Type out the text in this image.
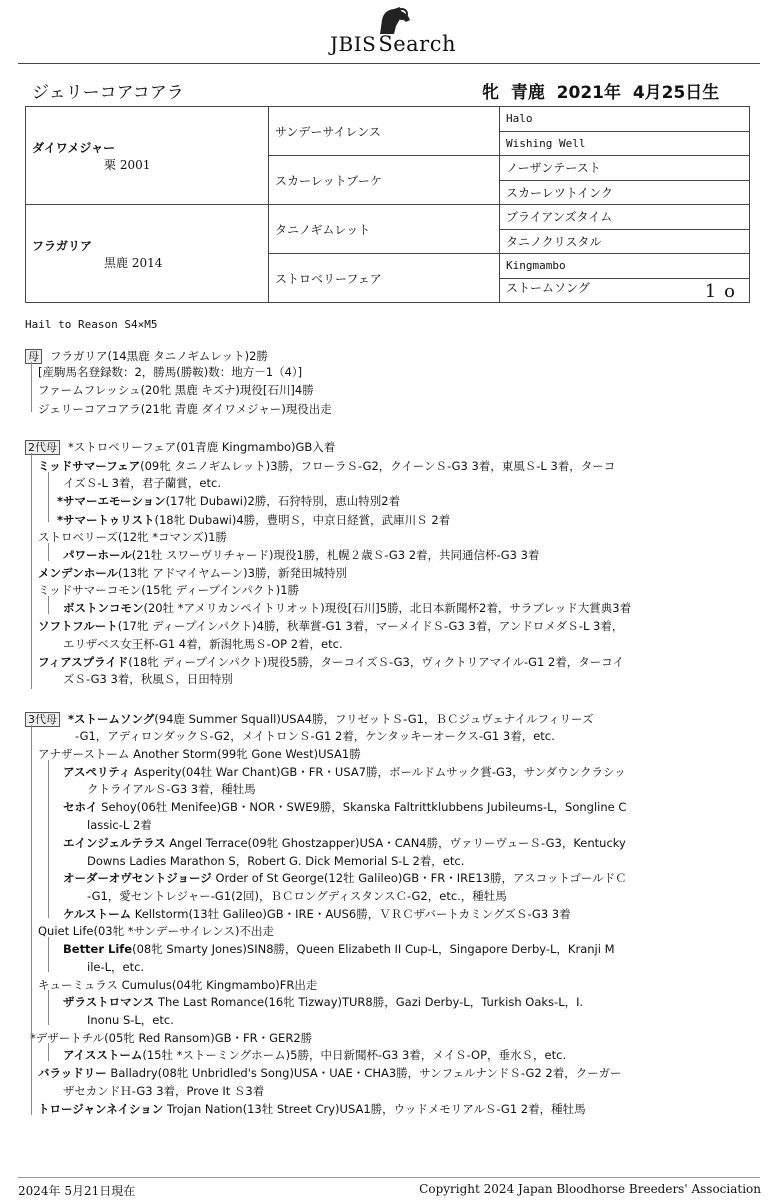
JBISSearch
ジェリーコアコアラ	牝  青鹿  2021年  4月25日生
ダイワメジャー
栗 2001	サンデーサイレンス	Halo
		Wishing Well
	スカーレットブーケ	ノーザンテースト
		スカーレツトインク

フラガリア
黒鹿 2014	タニノギムレット	ブライアンズタイム
		タニノクリスタル
	ストロベリーフェア	Kingmambo
		ストームソング 1o
Hail to Reason S4×M5
母 フラガリア(14黒鹿 タニノギムレット)2勝
[産駒馬名登録数：2，勝馬(勝鞍)数：地方－1（4）]
ファームフレッシュ(20牝 黒鹿 キズナ)現役[石川]4勝
ジェリーコアコアラ(21牝 青鹿 ダイワメジャー)現役出走
2代母 *ストロベリーフェア(01青鹿 Kingmambo)GB入着
ミッドサマーフェア(09牝 タニノギムレット)3勝，フローラＳ-G2，クイーンＳ-G3 3着，東風Ｓ-L 3着，ターコ
イズＳ-L 3着，君子蘭賞，etc.
*サマーエモーション(17牝 Dubawi)2勝，石狩特別，恵山特別2着
*サマートゥリスト(18牝 Dubawi)4勝，豊明Ｓ，中京日経賞，武庫川Ｓ 2着
ストロベリーズ(12牝 *コマンズ)1勝
パワーホール(21牡 スワーヴリチャード)現役1勝，札幌２歳Ｓ-G3 2着，共同通信杯-G3 3着
メンデンホール(13牝 アドマイヤムーン)3勝，新発田城特別
ミッドサマーコモン(15牝 ディープインパクト)1勝
ボストンコモン(20牡 *アメリカンペイトリオット)現役[石川]5勝，北日本新聞杯2着，サラブレッド大賞典3着
ソフトフルート(17牝 ディープインパクト)4勝，秋華賞-G1 3着，マーメイドＳ-G3 3着，アンドロメダＳ-L 3着，
エリザベス女王杯-G1 4着，新潟牝馬Ｓ-OP 2着，etc.
フィアスプライド(18牝 ディープインパクト)現役5勝，ターコイズＳ-G3，ヴィクトリアマイル-G1 2着，ターコイ
ズＳ-G3 3着，秋風Ｓ，日田特別
3代母 *ストームソング(94鹿 Summer Squall)USA4勝，フリゼットＳ-G1，ＢＣジュヴェナイルフィリーズ
-G1，アディロンダックＳ-G2，メイトロンＳ-G1 2着，ケンタッキーオークス-G1 3着，etc.
アナザーストーム Another Storm(99牝 Gone West)USA1勝
アスペリティ Asperity(04牡 War Chant)GB・FR・USA7勝，ボールドムサック賞-G3，サンダウンクラシッ
クトライアルＳ-G3 3着，種牡馬
セホイ Sehoy(06牡 Menifee)GB・NOR・SWE9勝，Skanska Faltrittklubbens Jubileums-L，Songline C
lassic-L 2着
エインジェルテラス Angel Terrace(09牝 Ghostzapper)USA・CAN4勝，ヴァリーヴューＳ-G3，Kentucky
Downs Ladies Marathon S，Robert G. Dick Memorial S-L 2着，etc.
オーダーオヴセントジョージ Order of St George(12牡 Galileo)GB・FR・IRE13勝，アスコットゴールドＣ
-G1，愛セントレジャー-G1(2回)，ＢＣロングディスタンスＣ-G2，etc.，種牡馬
ケルストーム Kellstorm(13牡 Galileo)GB・IRE・AUS6勝，ＶＲＣザバートカミングズＳ-G3 3着
Quiet Life(03牝 *サンデーサイレンス)不出走
Better Life(08牝 Smarty Jones)SIN8勝，Queen Elizabeth II Cup-L，Singapore Derby-L，Kranji M
ile-L，etc.
キューミュラス Cumulus(04牝 Kingmambo)FR出走
ザラストロマンス The Last Romance(16牝 Tizway)TUR8勝，Gazi Derby-L，Turkish Oaks-L，I.
Inonu S-L，etc.
*デザートチル(05牝 Red Ransom)GB・FR・GER2勝
アイスストーム(15牡 *ストーミングホーム)5勝，中日新聞杯-G3 3着，メイＳ-OP，垂水Ｓ，etc.
バラッドリー Balladry(08牝 Unbridled's Song)USA・UAE・CHA3勝，サンフェルナンドＳ-G2 2着，クーガー
ザセカンドＨ-G3 3着，Prove It Ｓ3着
トロージャンネイション Trojan Nation(13牡 Street Cry)USA1勝，ウッドメモリアルＳ-G1 2着，種牡馬
2024年 5月21日現在	Copyright 2024 Japan Bloodhorse Breeders' Association
